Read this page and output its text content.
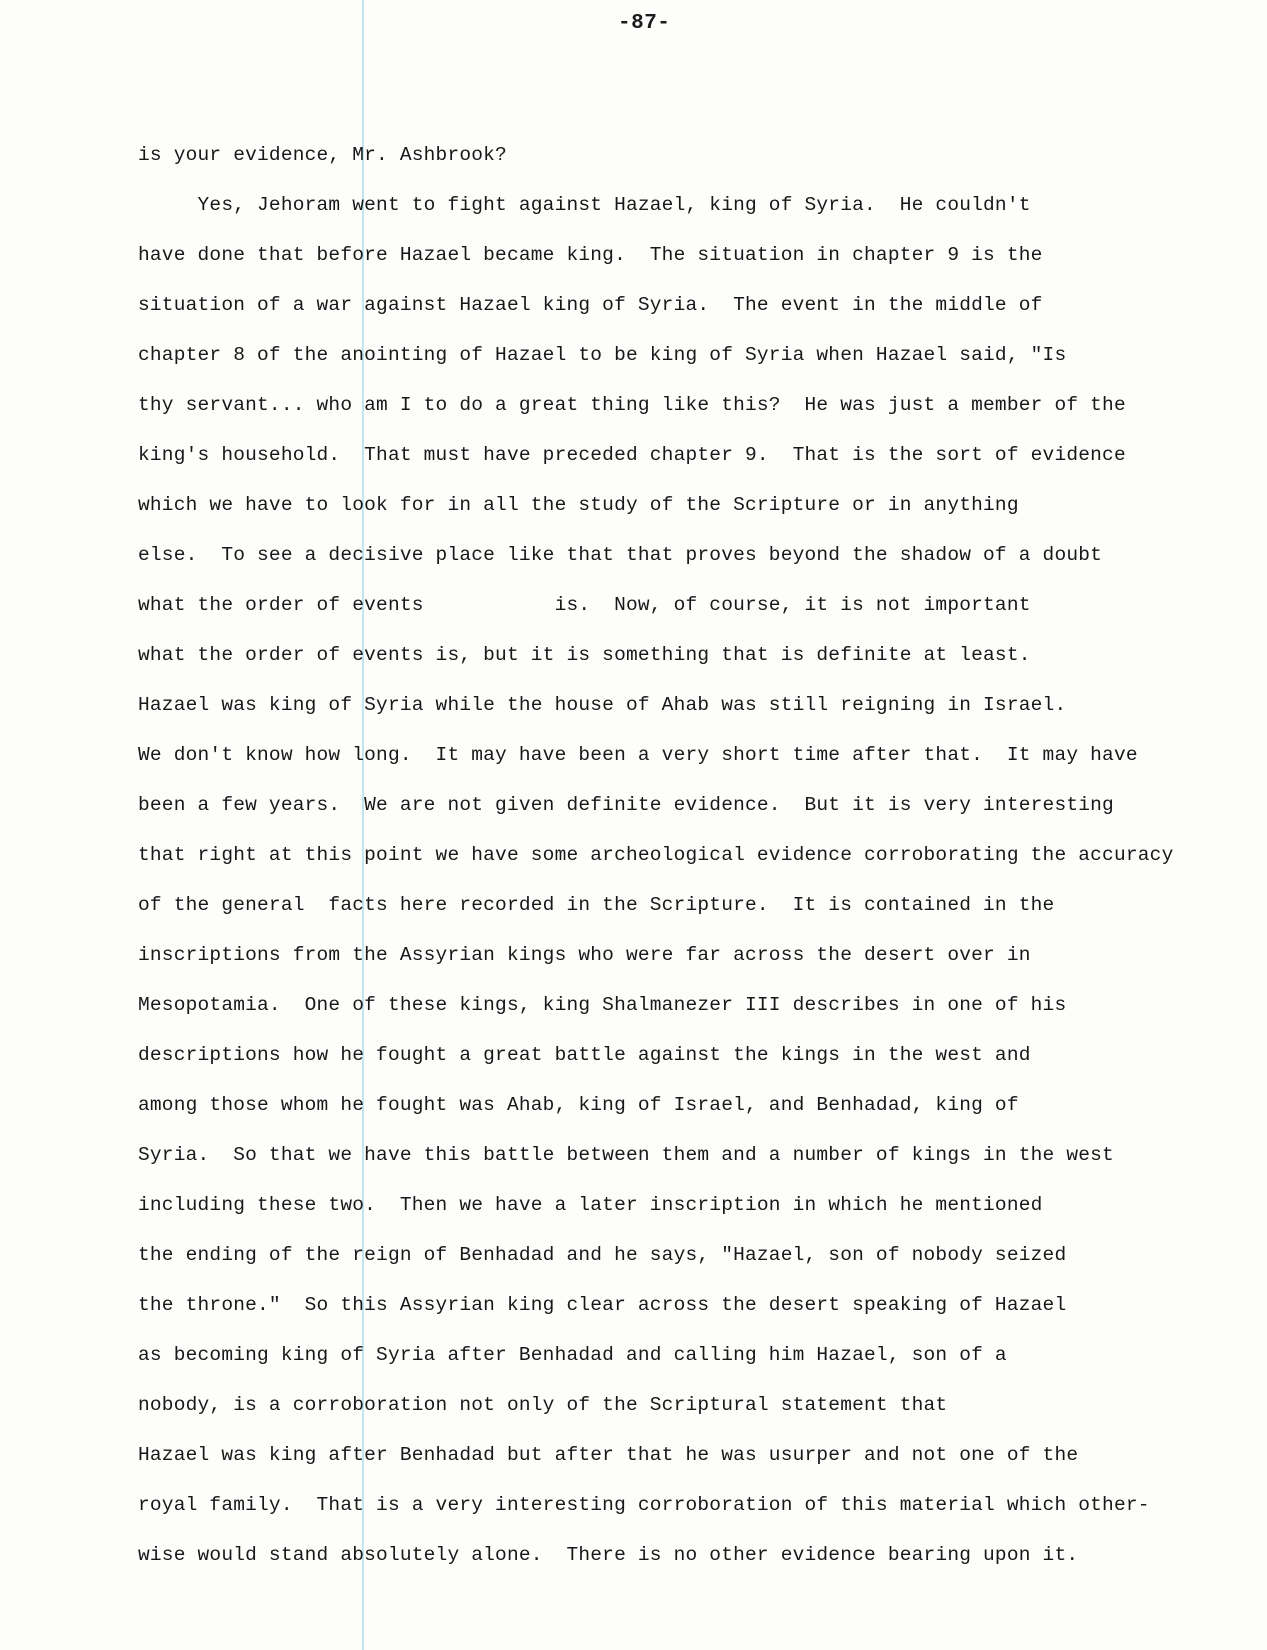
-87-
is your evidence, Mr. Ashbrook?
Yes, Jehoram went to fight against Hazael, king of Syria.  He couldn't
have done that before Hazael became king.  The situation in chapter 9 is the
situation of a war against Hazael king of Syria.  The event in the middle of
chapter 8 of the anointing of Hazael to be king of Syria when Hazael said, "Is
thy servant... who am I to do a great thing like this?  He was just a member of the
king's household.  That must have preceded chapter 9.  That is the sort of evidence
which we have to look for in all the study of the Scripture or in anything
else.  To see a decisive place like that that proves beyond the shadow of a doubt
what the order of events           is.  Now, of course, it is not important
what the order of events is, but it is something that is definite at least.
Hazael was king of Syria while the house of Ahab was still reigning in Israel.
We don't know how long.  It may have been a very short time after that.  It may have
been a few years.  We are not given definite evidence.  But it is very interesting
that right at this point we have some archeological evidence corroborating the accuracy
of the general  facts here recorded in the Scripture.  It is contained in the
inscriptions from the Assyrian kings who were far across the desert over in
Mesopotamia.  One of these kings, king Shalmanezer III describes in one of his
descriptions how he fought a great battle against the kings in the west and
among those whom he fought was Ahab, king of Israel, and Benhadad, king of
Syria.  So that we have this battle between them and a number of kings in the west
including these two.  Then we have a later inscription in which he mentioned
the ending of the reign of Benhadad and he says, "Hazael, son of nobody seized
the throne."  So this Assyrian king clear across the desert speaking of Hazael
as becoming king of Syria after Benhadad and calling him Hazael, son of a
nobody, is a corroboration not only of the Scriptural statement that
Hazael was king after Benhadad but after that he was usurper and not one of the
royal family.  That is a very interesting corroboration of this material which other-
wise would stand absolutely alone.  There is no other evidence bearing upon it.
